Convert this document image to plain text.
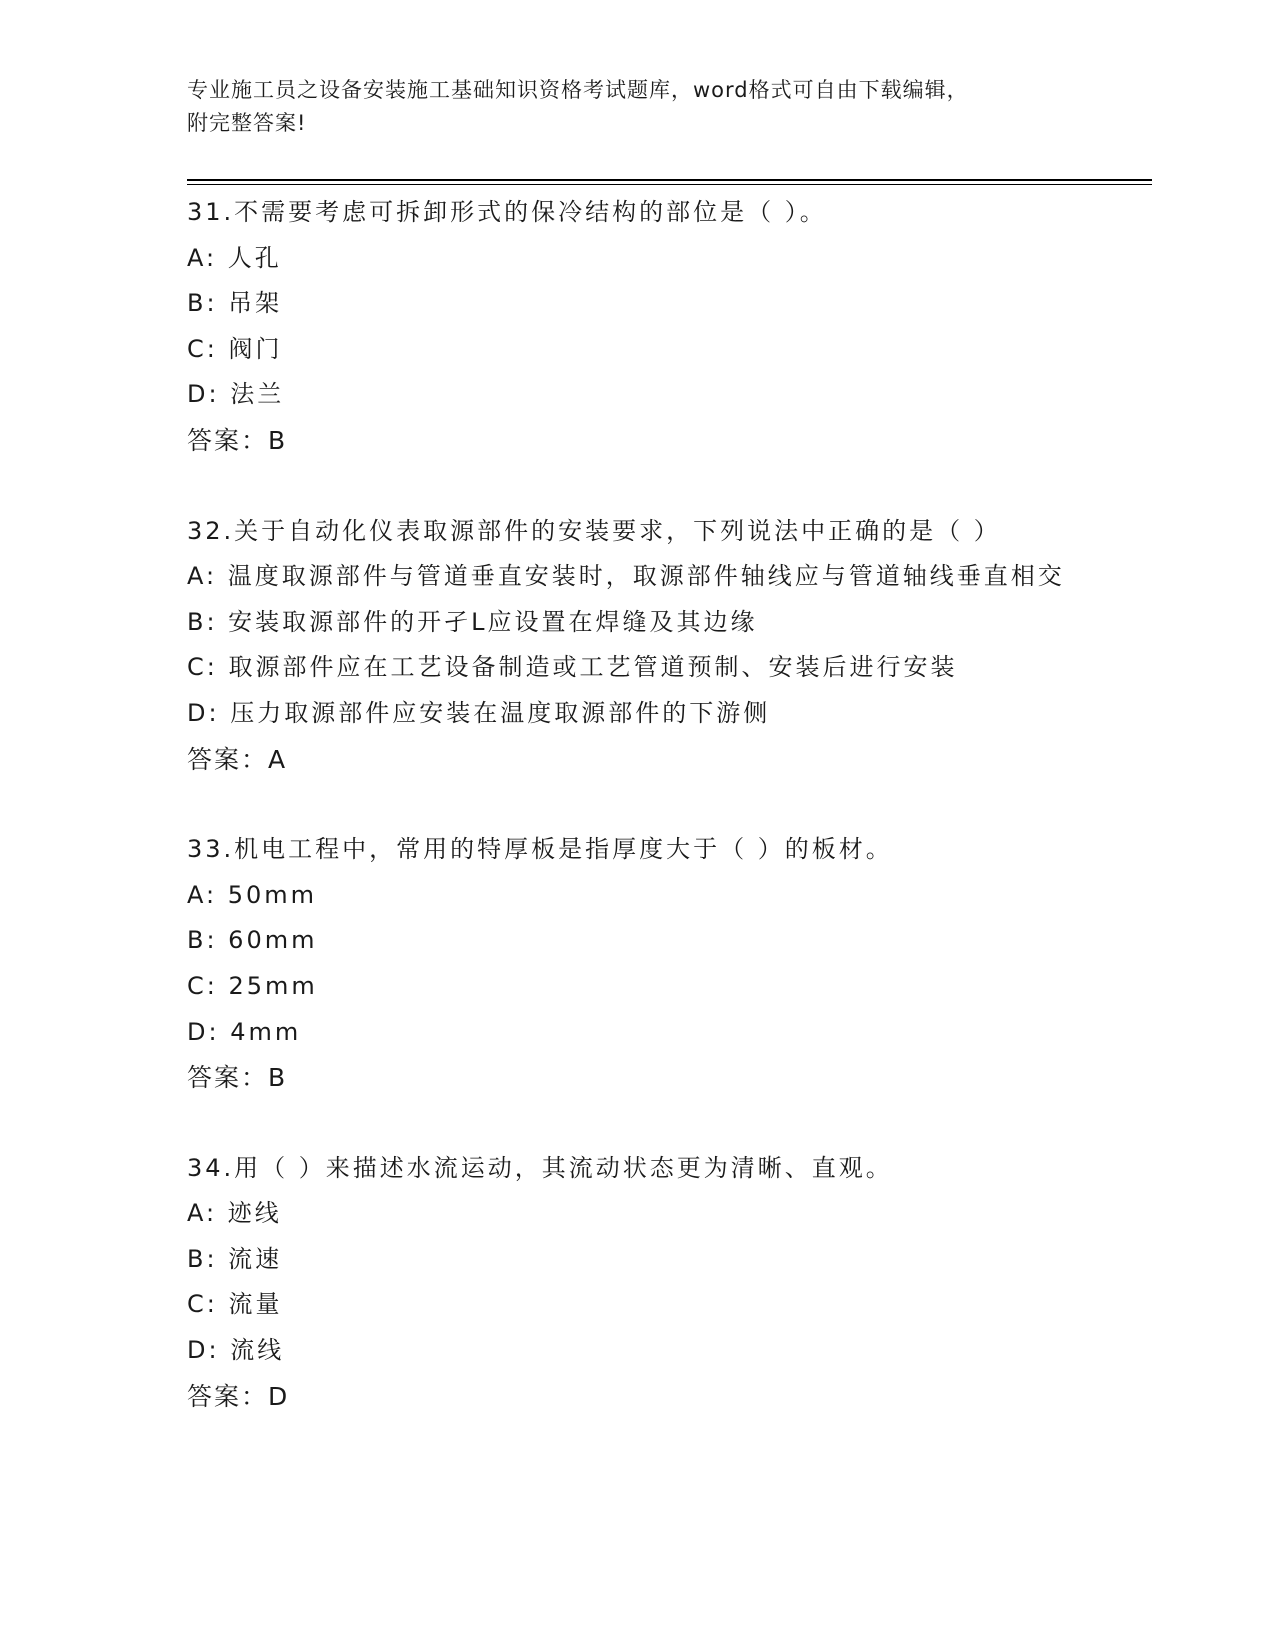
专业施工员之设备安装施工基础知识资格考试题库，word格式可自由下载编辑，
附完整答案!
31.不需要考虑可拆卸形式的保冷结构的部位是（ ）。
A: 人孔
B: 吊架
C: 阀门
D: 法兰
答案：B
32.关于自动化仪表取源部件的安装要求，下列说法中正确的是（ ）
A: 温度取源部件与管道垂直安装时，取源部件轴线应与管道轴线垂直相交
B: 安装取源部件的开孑L应设置在焊缝及其边缘
C: 取源部件应在工艺设备制造或工艺管道预制、安装后进行安装
D: 压力取源部件应安装在温度取源部件的下游侧
答案：A
33.机电工程中，常用的特厚板是指厚度大于（ ）的板材。
A: 50mm
B: 60mm
C: 25mm
D: 4mm
答案：B
34.用（ ）来描述水流运动，其流动状态更为清晰、直观。
A: 迹线
B: 流速
C: 流量
D: 流线
答案：D
